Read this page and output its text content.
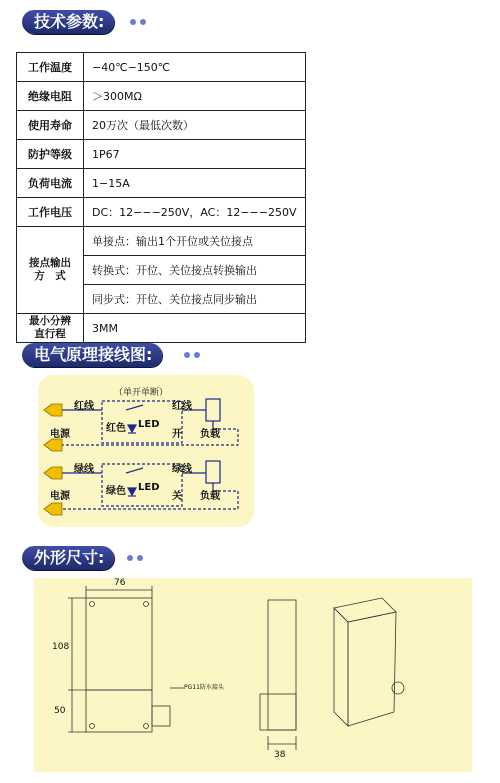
技术参数:
工作温度	−40℃−150℃
绝缘电阻	＞300MΩ
使用寿命	20万次（最低次数）
防护等级	1P67
负荷电流	1−15A
工作电压	DC：12−−−250V，AC：12−−−250V

接点输出
方　式	单接点：输出1个开位或关位接点
	转换式：开位、关位接点转换输出
	同步式：开位、关位接点同步输出

最小分辨
直行程	3MM
电气原理接线图:
（单开单断）
红线	红线
电源
红色 LED
开 负载
绿线	绿线
电源	绿色 LED
关 负载
外形尺寸:
76
108
50
38
PG11防水接头
